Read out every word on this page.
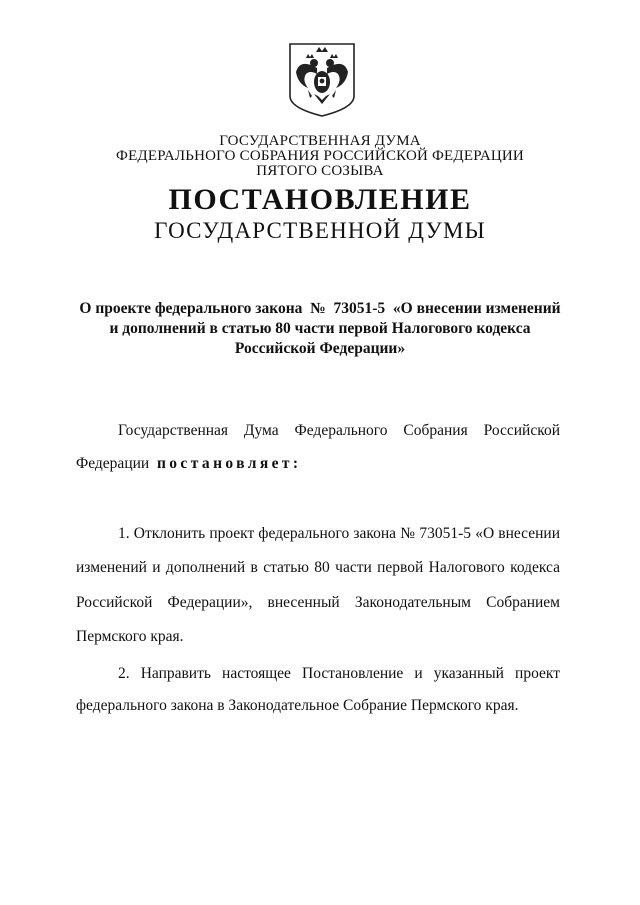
ГОСУДАРСТВЕННАЯ ДУМА
ФЕДЕРАЛЬНОГО СОБРАНИЯ РОССИЙСКОЙ ФЕДЕРАЦИИ
ПЯТОГО СОЗЫВА
ПОСТАНОВЛЕНИЕ
ГОСУДАРСТВЕННОЙ ДУМЫ
О проекте федерального закона  №  73051-5  «О внесении изменений
и дополнений в статью 80 части первой Налогового кодекса
Российской Федерации»
Государственная Дума Федерального Собрания Российской
Федерации постановляет:
1. Отклонить проект федерального закона № 73051-5 «О внесении
изменений и дополнений в статью 80 части первой Налогового кодекса
Российской Федерации», внесенный Законодательным Собранием
Пермского края.
2. Направить настоящее Постановление и указанный проект
федерального закона в Законодательное Собрание Пермского края.
